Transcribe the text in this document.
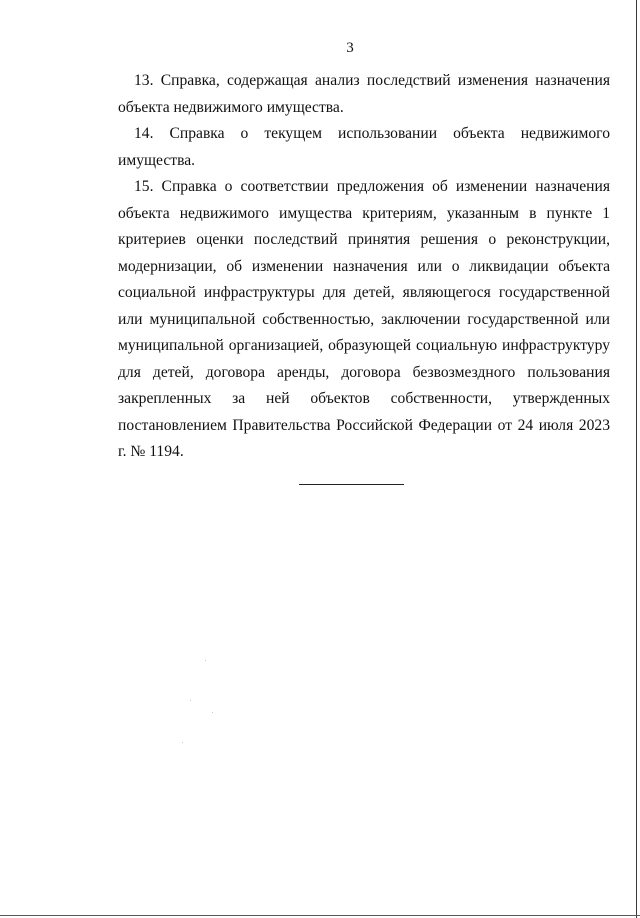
3

13. Справка, содержащая анализ последствий изменения назначения объекта недвижимого имущества.

14. Справка о текущем использовании объекта недвижимого имущества.

15. Справка о соответствии предложения об изменении назначения объекта недвижимого имущества критериям, указанным в пункте 1 критериев оценки последствий принятия решения о реконструкции, модернизации, об изменении назначения или о ликвидации объекта социальной инфраструктуры для детей, являющегося государственной или муниципальной собственностью, заключении государственной или муниципальной организацией, образующей социальную инфраструктуру для детей, договора аренды, договора безвозмездного пользования закрепленных за ней объектов собственности, утвержденных постановлением Правительства Российской Федерации от 24 июля 2023 г. № 1194.
